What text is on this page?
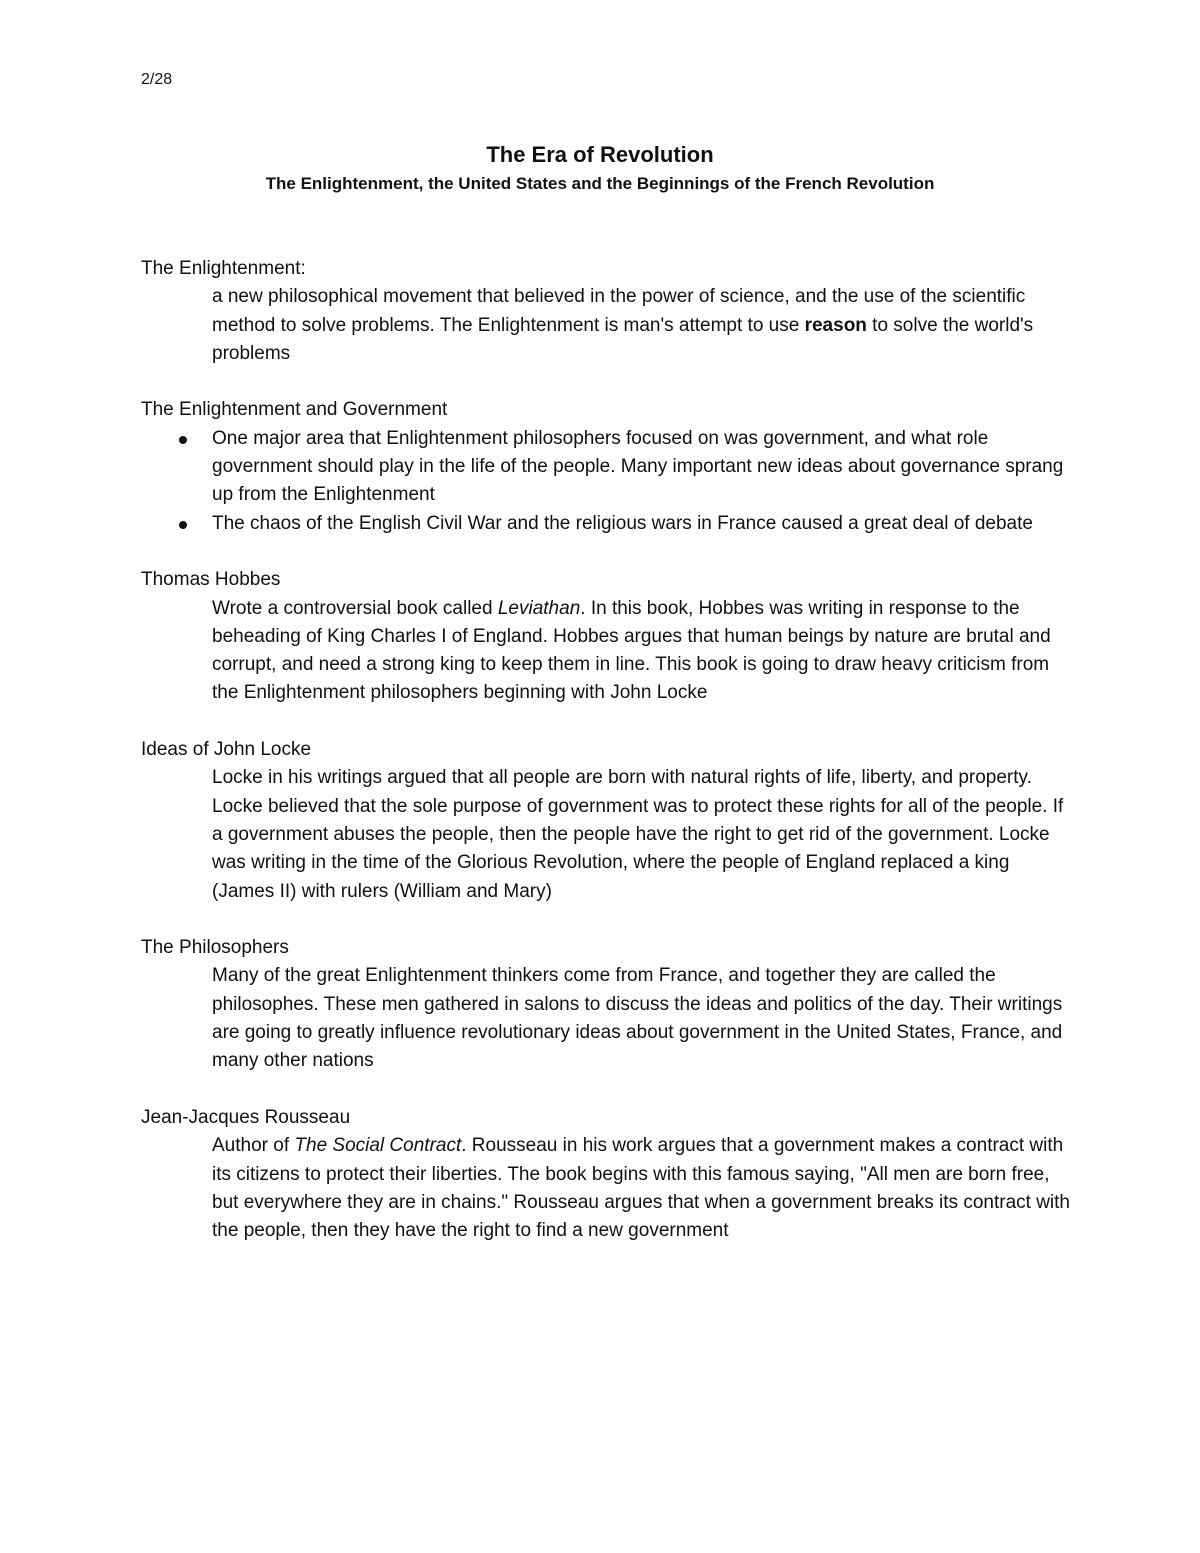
2/28
The Era of Revolution
The Enlightenment, the United States and the Beginnings of the French Revolution
The Enlightenment:
a new philosophical movement that believed in the power of science, and the use of the scientific method to solve problems. The Enlightenment is man's attempt to use reason to solve the world's problems
The Enlightenment and Government
One major area that Enlightenment philosophers focused on was government, and what role government should play in the life of the people. Many important new ideas about governance sprang up from the Enlightenment
The chaos of the English Civil War and the religious wars in France caused a great deal of debate
Thomas Hobbes
Wrote a controversial book called Leviathan. In this book, Hobbes was writing in response to the beheading of King Charles I of England. Hobbes argues that human beings by nature are brutal and corrupt, and need a strong king to keep them in line. This book is going to draw heavy criticism from the Enlightenment philosophers beginning with John Locke
Ideas of John Locke
Locke in his writings argued that all people are born with natural rights of life, liberty, and property. Locke believed that the sole purpose of government was to protect these rights for all of the people. If a government abuses the people, then the people have the right to get rid of the government. Locke was writing in the time of the Glorious Revolution, where the people of England replaced a king (James II) with rulers (William and Mary)
The Philosophers
Many of the great Enlightenment thinkers come from France, and together they are called the philosophes. These men gathered in salons to discuss the ideas and politics of the day. Their writings are going to greatly influence revolutionary ideas about government in the United States, France, and many other nations
Jean-Jacques Rousseau
Author of The Social Contract. Rousseau in his work argues that a government makes a contract with its citizens to protect their liberties. The book begins with this famous saying, "All men are born free, but everywhere they are in chains." Rousseau argues that when a government breaks its contract with the people, then they have the right to find a new government
